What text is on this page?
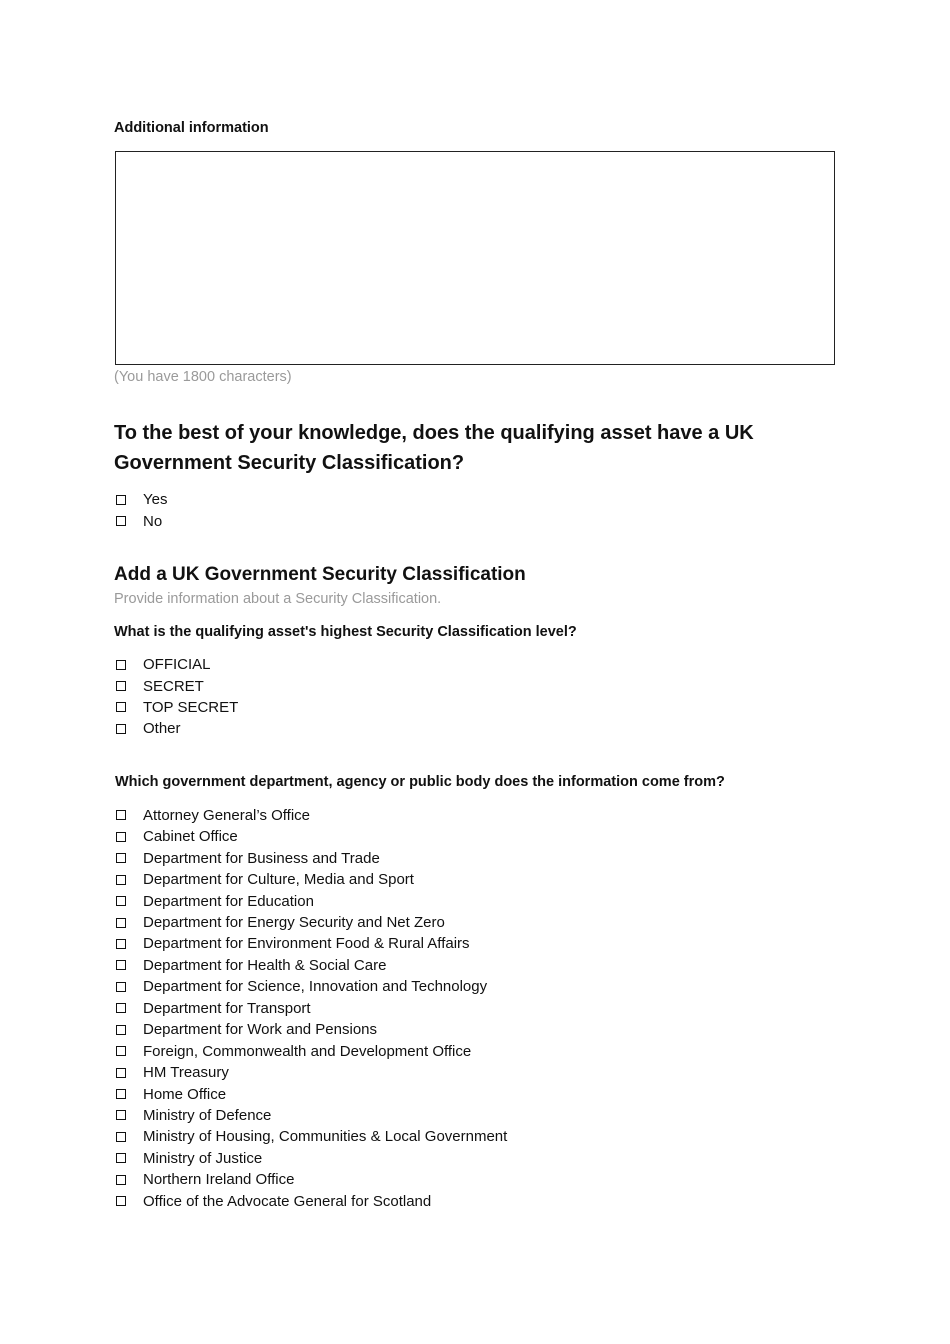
Additional information

(You have 1800 characters)

To the best of your knowledge, does the qualifying asset have a UK Government Security Classification?

Yes
No

Add a UK Government Security Classification

Provide information about a Security Classification.

What is the qualifying asset's highest Security Classification level?

OFFICIAL
SECRET
TOP SECRET
Other

Which government department, agency or public body does the information come from?

Attorney General’s Office
Cabinet Office
Department for Business and Trade
Department for Culture, Media and Sport
Department for Education
Department for Energy Security and Net Zero
Department for Environment Food & Rural Affairs
Department for Health & Social Care
Department for Science, Innovation and Technology
Department for Transport
Department for Work and Pensions
Foreign, Commonwealth and Development Office
HM Treasury
Home Office
Ministry of Defence
Ministry of Housing, Communities & Local Government
Ministry of Justice
Northern Ireland Office
Office of the Advocate General for Scotland
